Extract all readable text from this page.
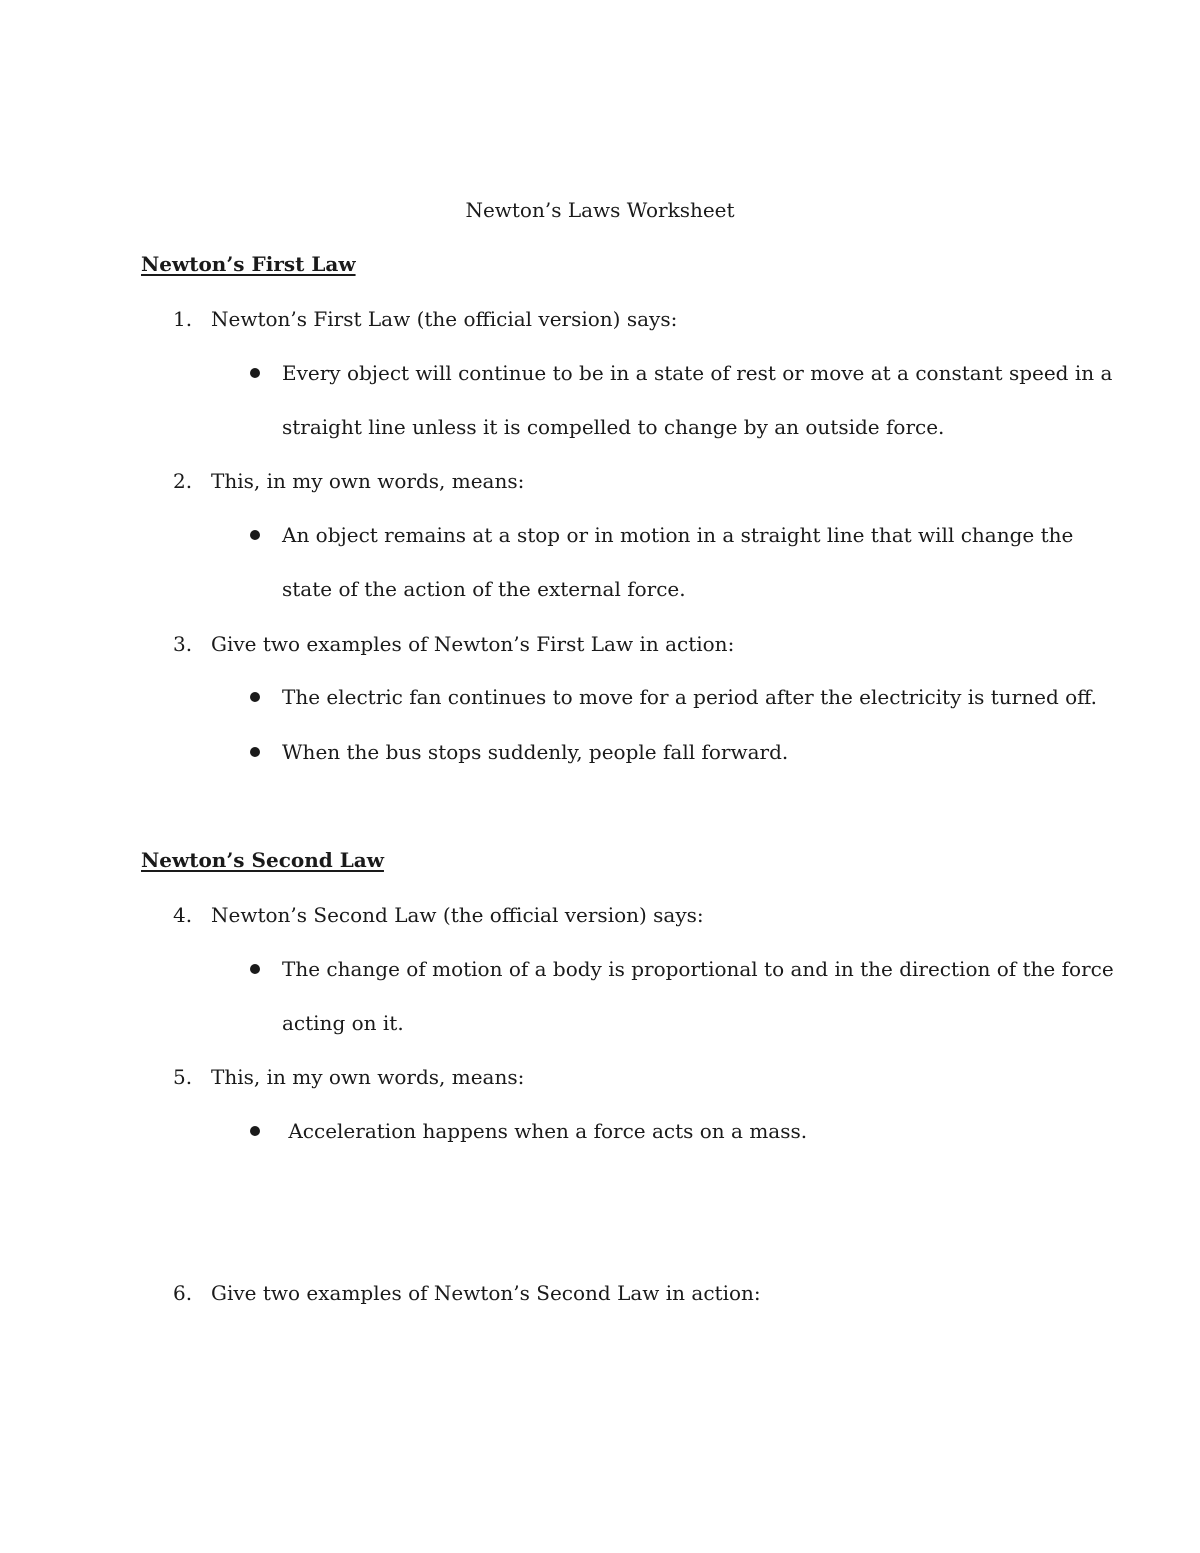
Newton’s Laws Worksheet
Newton’s First Law
1. Newton’s First Law (the official version) says:
Every object will continue to be in a state of rest or move at a constant speed in a
straight line unless it is compelled to change by an outside force.
2. This, in my own words, means:
An object remains at a stop or in motion in a straight line that will change the
state of the action of the external force.
3. Give two examples of Newton’s First Law in action:
The electric fan continues to move for a period after the electricity is turned off.
When the bus stops suddenly, people fall forward.
Newton’s Second Law
4. Newton’s Second Law (the official version) says:
The change of motion of a body is proportional to and in the direction of the force
acting on it.
5. This, in my own words, means:
Acceleration happens when a force acts on a mass.
6. Give two examples of Newton’s Second Law in action:
